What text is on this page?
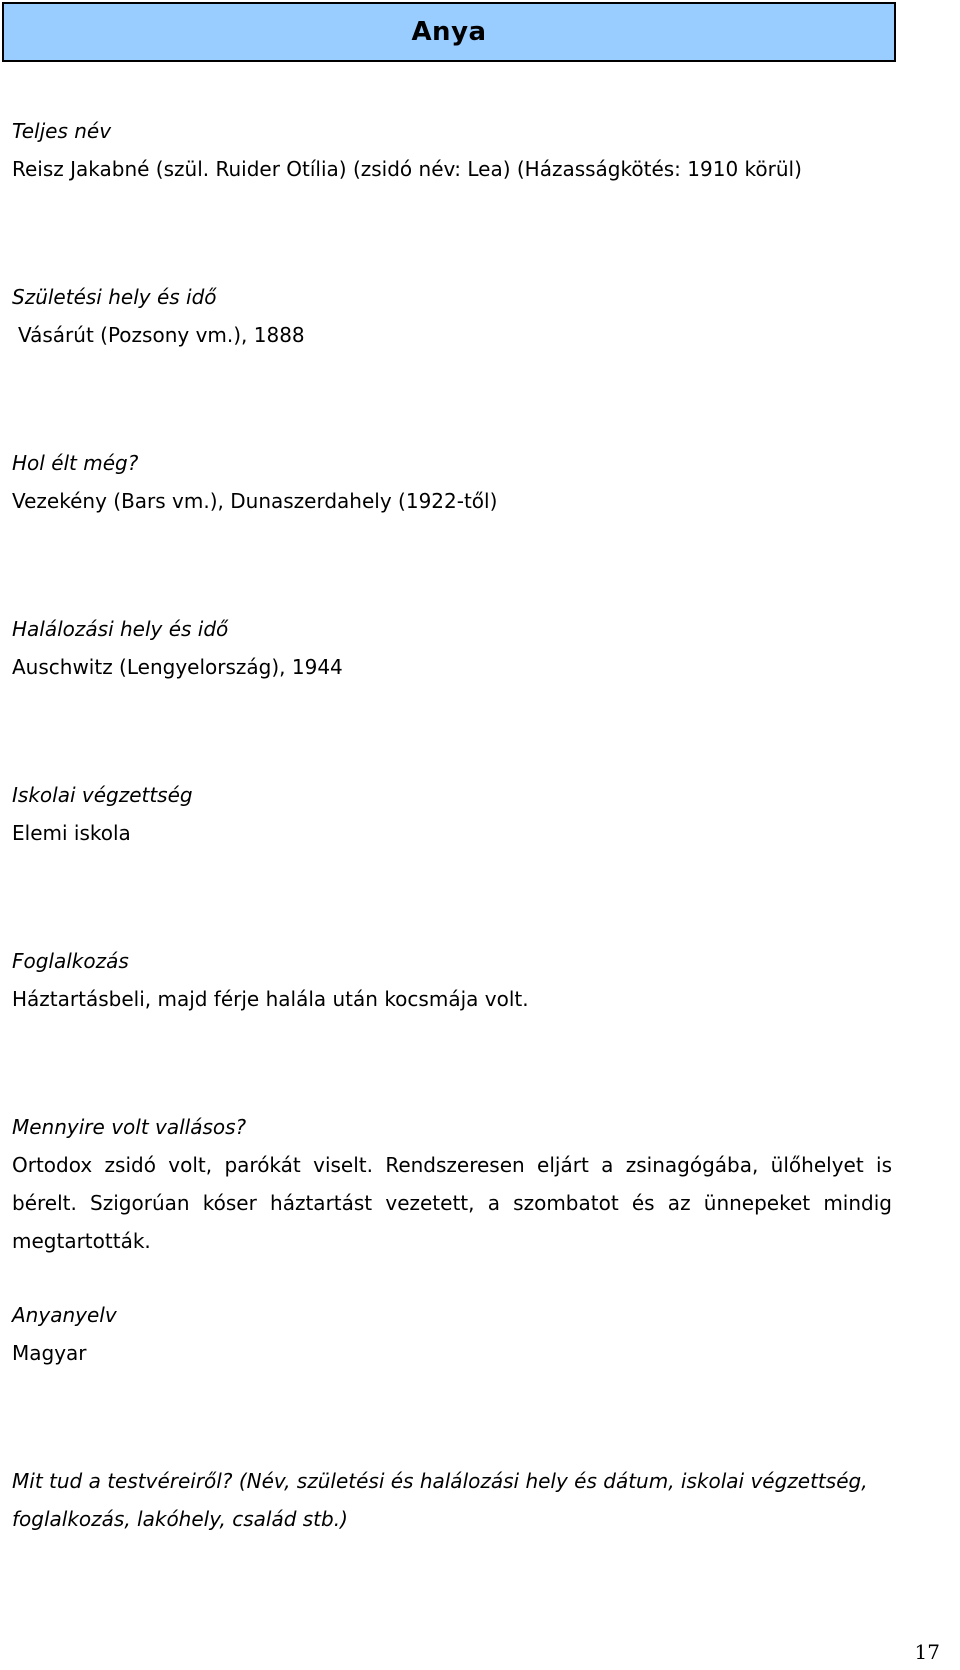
Anya
Teljes név
Reisz Jakabné (szül. Ruider Otília) (zsidó név: Lea) (Házasságkötés: 1910 körül)
Születési hely és idő
Vásárút (Pozsony vm.), 1888
Hol élt még?
Vezekény (Bars vm.), Dunaszerdahely (1922-től)
Halálozási hely és idő
Auschwitz (Lengyelország), 1944
Iskolai végzettség
Elemi iskola
Foglalkozás
Háztartásbeli, majd férje halála után kocsmája volt.
Mennyire volt vallásos?
Ortodox zsidó volt, parókát viselt. Rendszeresen eljárt a zsinagógába, ülőhelyet is bérelt. Szigorúan kóser háztartást vezetett, a szombatot és az ünnepeket mindig megtartották.
Anyanyelv
Magyar
Mit tud a testvéreiről? (Név, születési és halálozási hely és dátum, iskolai végzettség, foglalkozás, lakóhely, család stb.)
17
